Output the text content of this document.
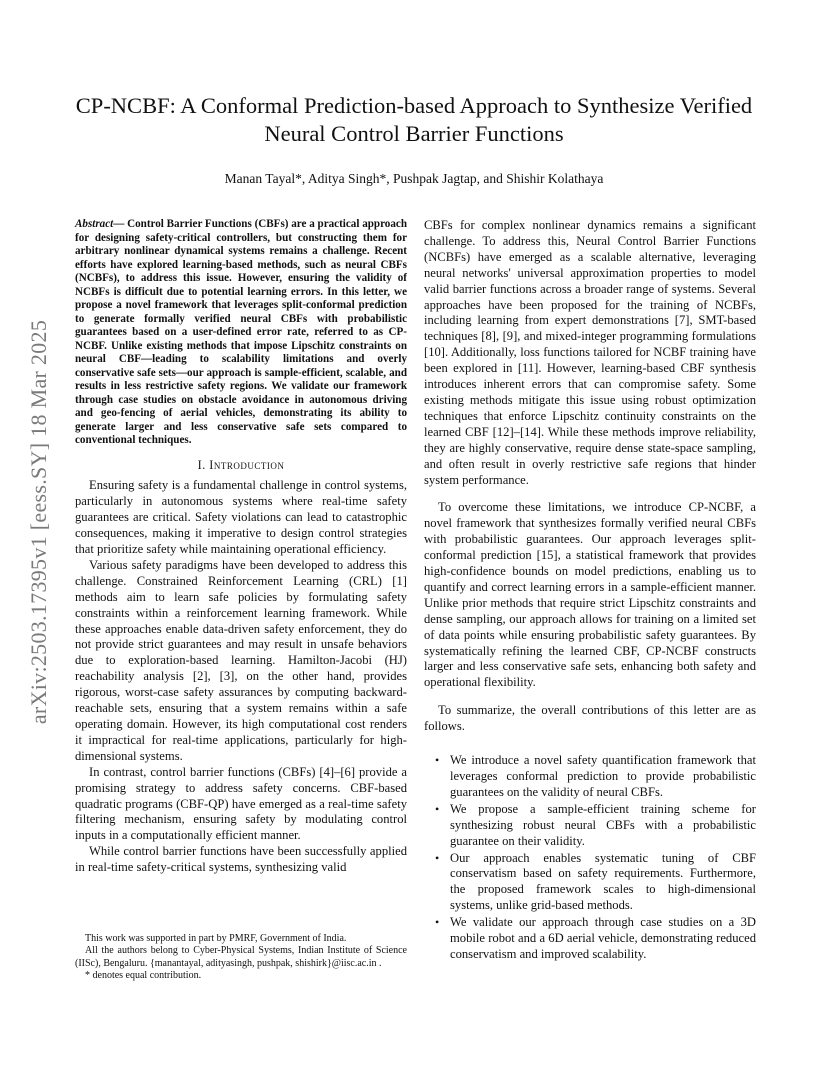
arXiv:2503.17395v1 [eess.SY] 18 Mar 2025
CP-NCBF: A Conformal Prediction-based Approach to Synthesize Verified
Neural Control Barrier Functions
Manan Tayal*, Aditya Singh*, Pushpak Jagtap, and Shishir Kolathaya

Abstract— Control Barrier Functions (CBFs) are a practical approach for designing safety-critical controllers, but constructing them for arbitrary nonlinear dynamical systems remains a challenge. Recent efforts have explored learning-based methods, such as neural CBFs (NCBFs), to address this issue. However, ensuring the validity of NCBFs is difficult due to potential learning errors. In this letter, we propose a novel framework that leverages split-conformal prediction to generate formally verified neural CBFs with probabilistic guarantees based on a user-defined error rate, referred to as CP-NCBF. Unlike existing methods that impose Lipschitz constraints on neural CBF—leading to scalability limitations and overly conservative safe sets—our approach is sample-efficient, scalable, and results in less restrictive safety regions. We validate our framework through case studies on obstacle avoidance in autonomous driving and geo-fencing of aerial vehicles, demonstrating its ability to generate larger and less conservative safe sets compared to conventional techniques.

I. Introduction

Ensuring safety is a fundamental challenge in control systems, particularly in autonomous systems where real-time safety guarantees are critical. Safety violations can lead to catastrophic consequences, making it imperative to design control strategies that prioritize safety while maintaining operational efficiency.

Various safety paradigms have been developed to address this challenge. Constrained Reinforcement Learning (CRL) [1] methods aim to learn safe policies by formulating safety constraints within a reinforcement learning framework. While these approaches enable data-driven safety enforcement, they do not provide strict guarantees and may result in unsafe behaviors due to exploration-based learning. Hamilton-Jacobi (HJ) reachability analysis [2], [3], on the other hand, provides rigorous, worst-case safety assurances by computing backward-reachable sets, ensuring that a system remains within a safe operating domain. However, its high computational cost renders it impractical for real-time applications, particularly for high-dimensional systems.

In contrast, control barrier functions (CBFs) [4]–[6] provide a promising strategy to address safety concerns. CBF-based quadratic programs (CBF-QP) have emerged as a real-time safety filtering mechanism, ensuring safety by modulating control inputs in a computationally efficient manner.

While control barrier functions have been successfully applied in real-time safety-critical systems, synthesizing valid

This work was supported in part by PMRF, Government of India.

All the authors belong to Cyber-Physical Systems, Indian Institute of Science (IISc), Bengaluru. {manantayal, adityasingh, pushpak, shishirk}@iisc.ac.in .

* denotes equal contribution.

CBFs for complex nonlinear dynamics remains a significant challenge. To address this, Neural Control Barrier Functions (NCBFs) have emerged as a scalable alternative, leveraging neural networks' universal approximation properties to model valid barrier functions across a broader range of systems. Several approaches have been proposed for the training of NCBFs, including learning from expert demonstrations [7], SMT-based techniques [8], [9], and mixed-integer programming formulations [10]. Additionally, loss functions tailored for NCBF training have been explored in [11]. However, learning-based CBF synthesis introduces inherent errors that can compromise safety. Some existing methods mitigate this issue using robust optimization techniques that enforce Lipschitz continuity constraints on the learned CBF [12]–[14]. While these methods improve reliability, they are highly conservative, require dense state-space sampling, and often result in overly restrictive safe regions that hinder system performance.

To overcome these limitations, we introduce CP-NCBF, a novel framework that synthesizes formally verified neural CBFs with probabilistic guarantees. Our approach leverages split-conformal prediction [15], a statistical framework that provides high-confidence bounds on model predictions, enabling us to quantify and correct learning errors in a sample-efficient manner. Unlike prior methods that require strict Lipschitz constraints and dense sampling, our approach allows for training on a limited set of data points while ensuring probabilistic safety guarantees. By systematically refining the learned CBF, CP-NCBF constructs larger and less conservative safe sets, enhancing both safety and operational flexibility.

To summarize, the overall contributions of this letter are as follows.

• We introduce a novel safety quantification framework that leverages conformal prediction to provide probabilistic guarantees on the validity of neural CBFs.
• We propose a sample-efficient training scheme for synthesizing robust neural CBFs with a probabilistic guarantee on their validity.
• Our approach enables systematic tuning of CBF conservatism based on safety requirements. Furthermore, the proposed framework scales to high-dimensional systems, unlike grid-based methods.
• We validate our approach through case studies on a 3D mobile robot and a 6D aerial vehicle, demonstrating reduced conservatism and improved scalability.
